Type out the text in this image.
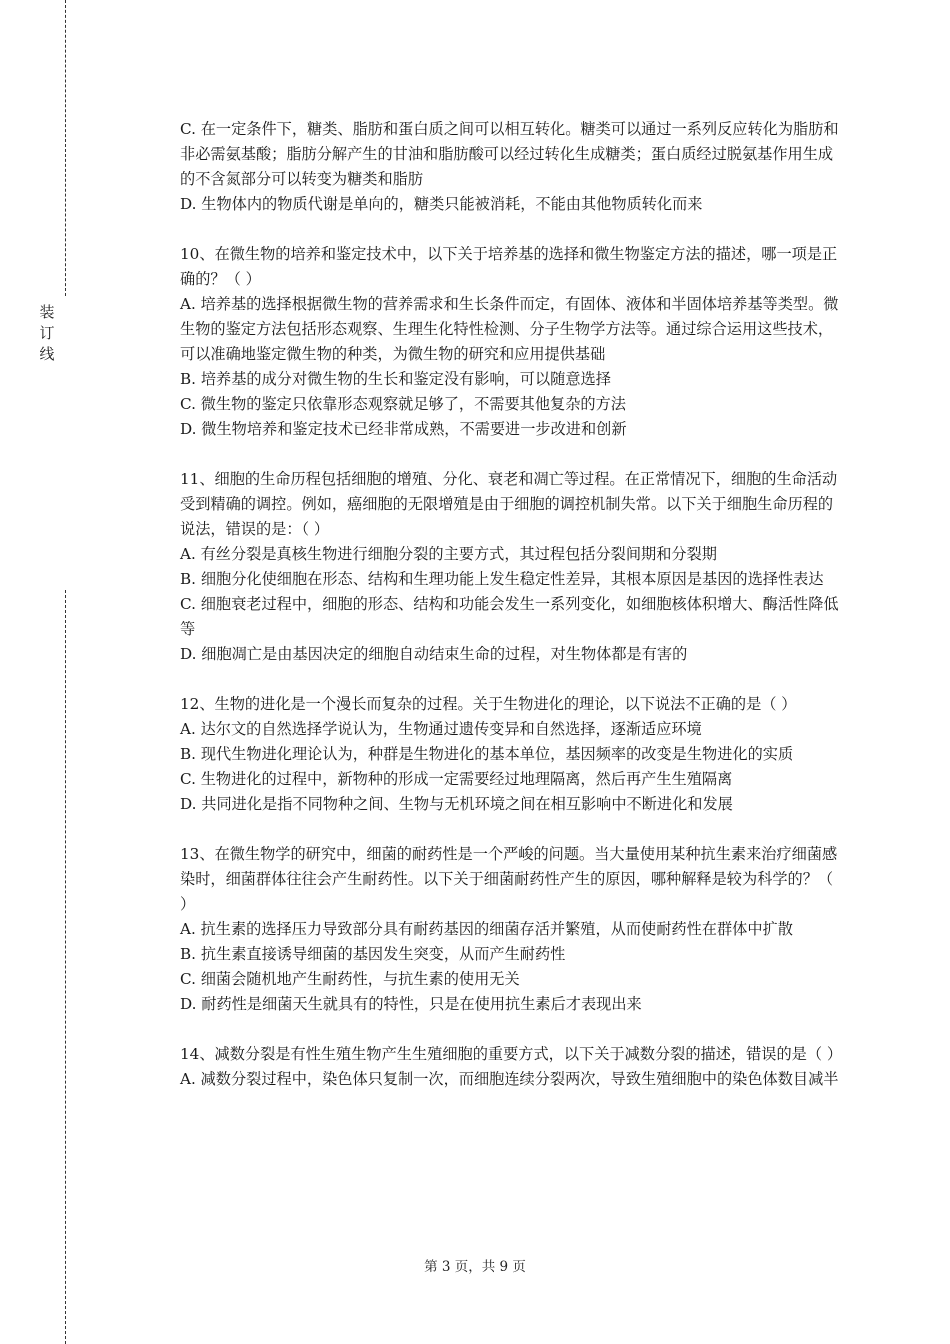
装
订
线

C. 在一定条件下，糖类、脂肪和蛋白质之间可以相互转化。糖类可以通过一系列反应转化为脂肪和非必需氨基酸；脂肪分解产生的甘油和脂肪酸可以经过转化生成糖类；蛋白质经过脱氨基作用生成的不含氮部分可以转变为糖类和脂肪

D. 生物体内的物质代谢是单向的，糖类只能被消耗，不能由其他物质转化而来

10、在微生物的培养和鉴定技术中，以下关于培养基的选择和微生物鉴定方法的描述，哪一项是正确的？（ ）

A. 培养基的选择根据微生物的营养需求和生长条件而定，有固体、液体和半固体培养基等类型。微生物的鉴定方法包括形态观察、生理生化特性检测、分子生物学方法等。通过综合运用这些技术，可以准确地鉴定微生物的种类，为微生物的研究和应用提供基础

B. 培养基的成分对微生物的生长和鉴定没有影响，可以随意选择

C. 微生物的鉴定只依靠形态观察就足够了，不需要其他复杂的方法

D. 微生物培养和鉴定技术已经非常成熟，不需要进一步改进和创新

11、细胞的生命历程包括细胞的增殖、分化、衰老和凋亡等过程。在正常情况下，细胞的生命活动受到精确的调控。例如，癌细胞的无限增殖是由于细胞的调控机制失常。以下关于细胞生命历程的说法，错误的是：（ ）

A. 有丝分裂是真核生物进行细胞分裂的主要方式，其过程包括分裂间期和分裂期

B. 细胞分化使细胞在形态、结构和生理功能上发生稳定性差异，其根本原因是基因的选择性表达

C. 细胞衰老过程中，细胞的形态、结构和功能会发生一系列变化，如细胞核体积增大、酶活性降低等

D. 细胞凋亡是由基因决定的细胞自动结束生命的过程，对生物体都是有害的

12、生物的进化是一个漫长而复杂的过程。关于生物进化的理论，以下说法不正确的是（ ）

A. 达尔文的自然选择学说认为，生物通过遗传变异和自然选择，逐渐适应环境

B. 现代生物进化理论认为，种群是生物进化的基本单位，基因频率的改变是生物进化的实质

C. 生物进化的过程中，新物种的形成一定需要经过地理隔离，然后再产生生殖隔离

D. 共同进化是指不同物种之间、生物与无机环境之间在相互影响中不断进化和发展

13、在微生物学的研究中，细菌的耐药性是一个严峻的问题。当大量使用某种抗生素来治疗细菌感染时，细菌群体往往会产生耐药性。以下关于细菌耐药性产生的原因，哪种解释是较为科学的？（ ）

A. 抗生素的选择压力导致部分具有耐药基因的细菌存活并繁殖，从而使耐药性在群体中扩散

B. 抗生素直接诱导细菌的基因发生突变，从而产生耐药性

C. 细菌会随机地产生耐药性，与抗生素的使用无关

D. 耐药性是细菌天生就具有的特性，只是在使用抗生素后才表现出来

14、减数分裂是有性生殖生物产生生殖细胞的重要方式，以下关于减数分裂的描述，错误的是（ ）

A. 减数分裂过程中，染色体只复制一次，而细胞连续分裂两次，导致生殖细胞中的染色体数目减半

第 3 页，共 9 页
